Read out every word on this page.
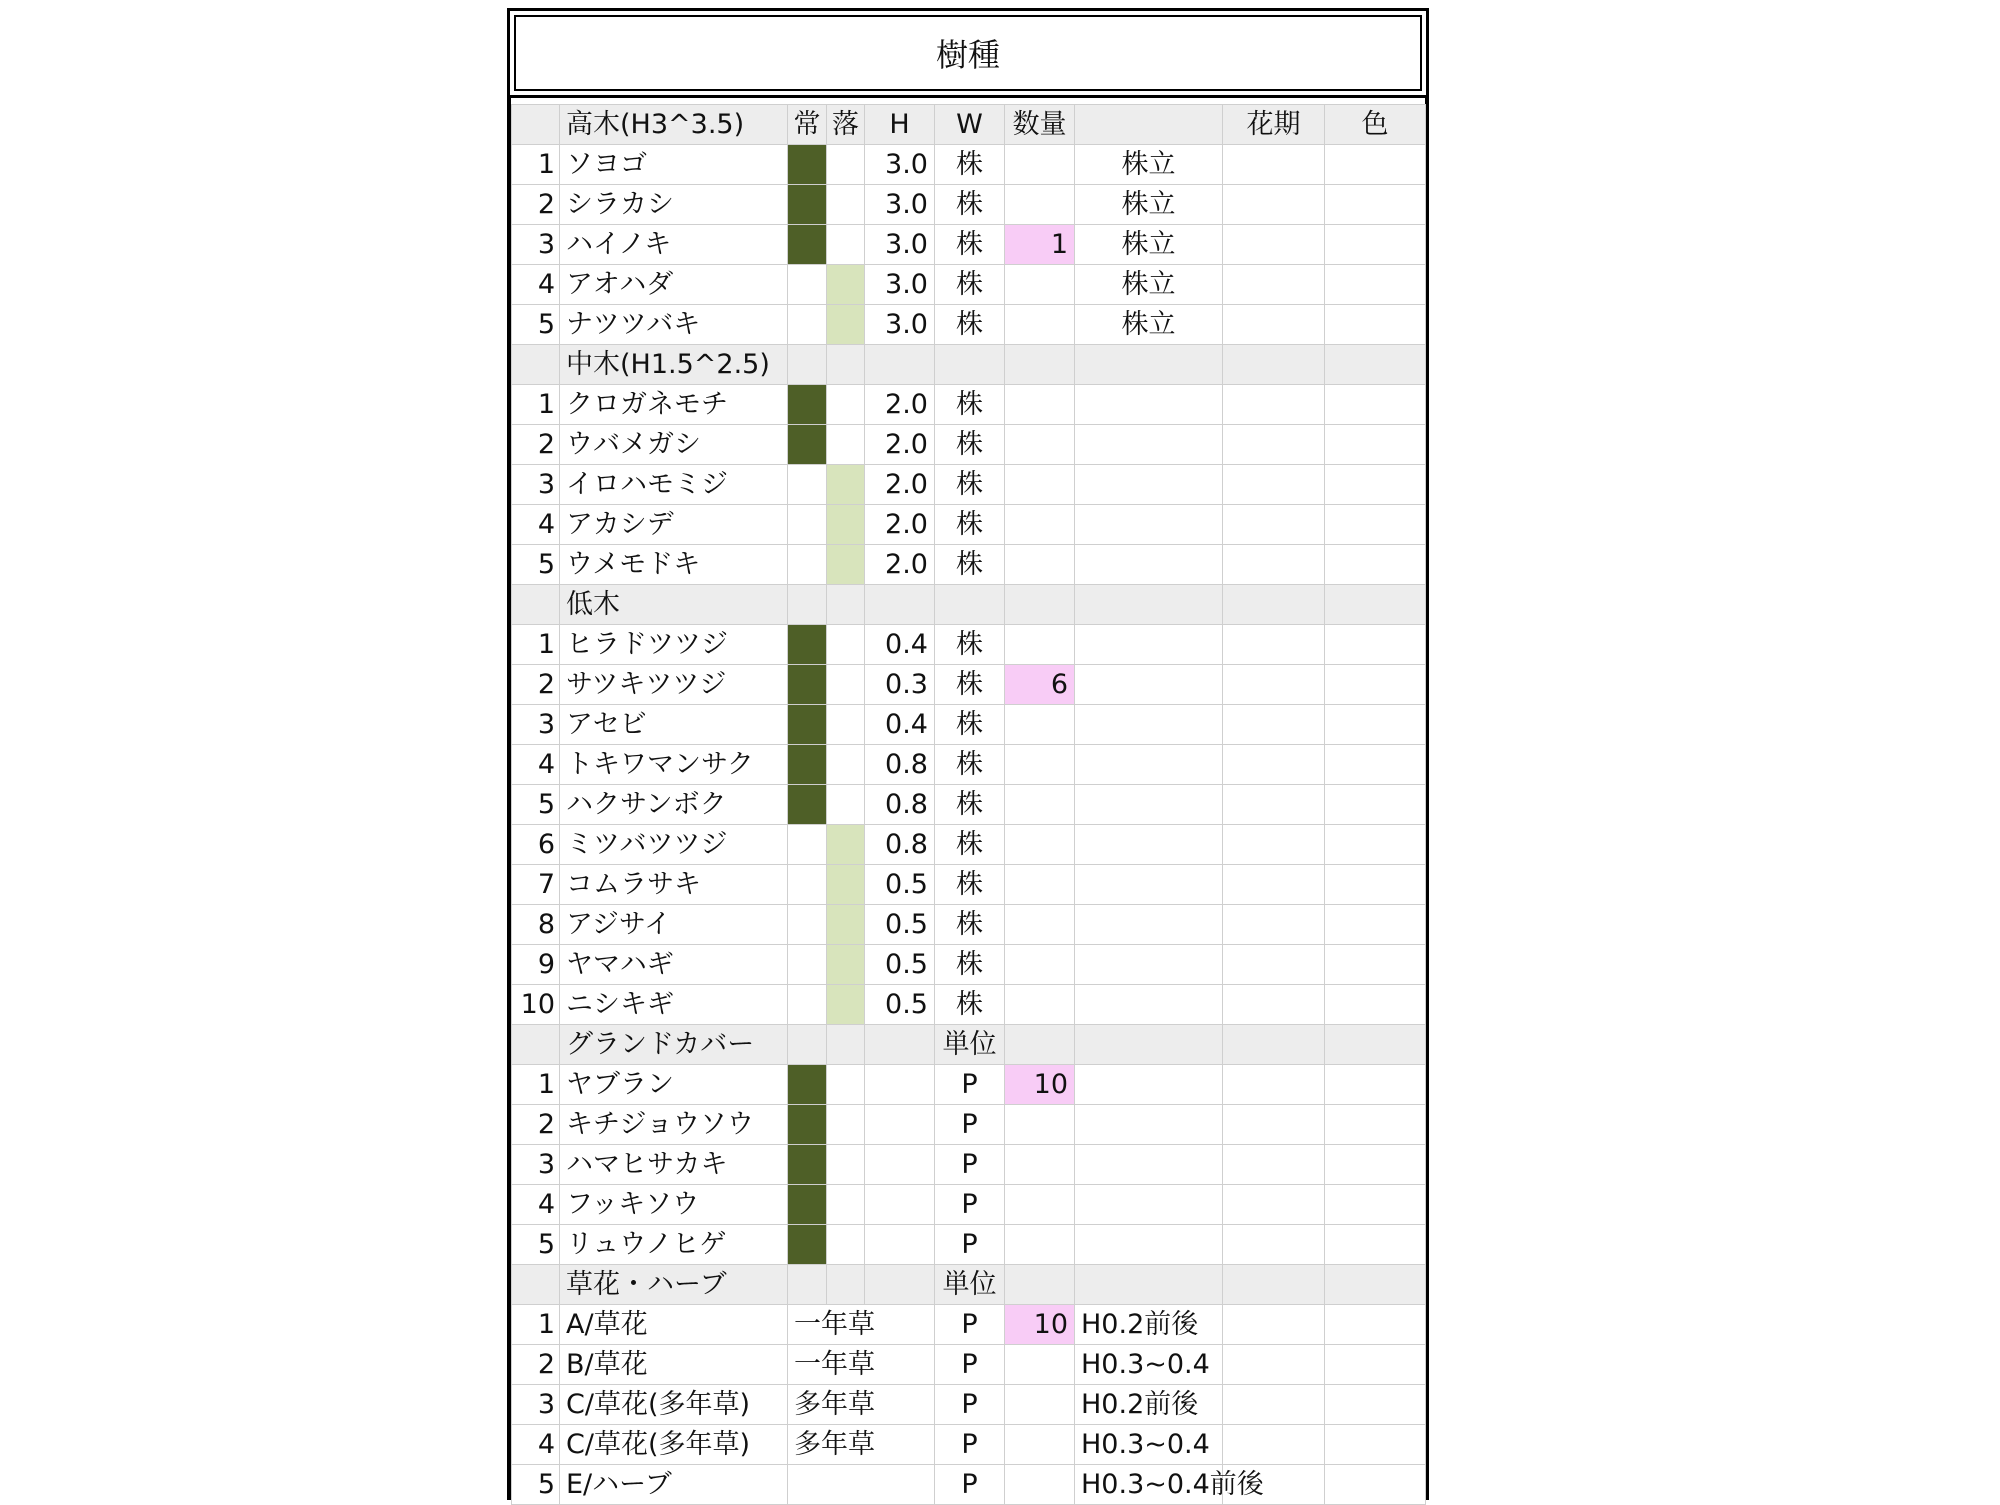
樹種
	高木(H3^3.5)	常	落	H	W	数量		花期	色
1	ソヨゴ			3.0	株		株立		
2	シラカシ			3.0	株		株立		
3	ハイノキ			3.0	株	1	株立		
4	アオハダ			3.0	株		株立		
5	ナツツバキ			3.0	株		株立		
	中木(H1.5^2.5)								
1	クロガネモチ			2.0	株				
2	ウバメガシ			2.0	株				
3	イロハモミジ			2.0	株				
4	アカシデ			2.0	株				
5	ウメモドキ			2.0	株				
	低木								
1	ヒラドツツジ			0.4	株				
2	サツキツツジ			0.3	株	6			
3	アセビ			0.4	株				
4	トキワマンサク			0.8	株				
5	ハクサンボク			0.8	株				
6	ミツバツツジ			0.8	株				
7	コムラサキ			0.5	株				
8	アジサイ			0.5	株				
9	ヤマハギ			0.5	株				
10	ニシキギ			0.5	株				
	グランドカバー				単位				
1	ヤブラン				P	10			
2	キチジョウソウ				P				
3	ハマヒサカキ				P				
4	フッキソウ				P				
5	リュウノヒゲ				P				
	草花・ハーブ				単位				
1	A/草花	一年草			P	10	H0.2前後		
2	B/草花	一年草			P		H0.3~0.4		
3	C/草花(多年草)	多年草			P		H0.2前後		
4	C/草花(多年草)	多年草			P		H0.3~0.4		
5	E/ハーブ				P		H0.3~0.4前後		
